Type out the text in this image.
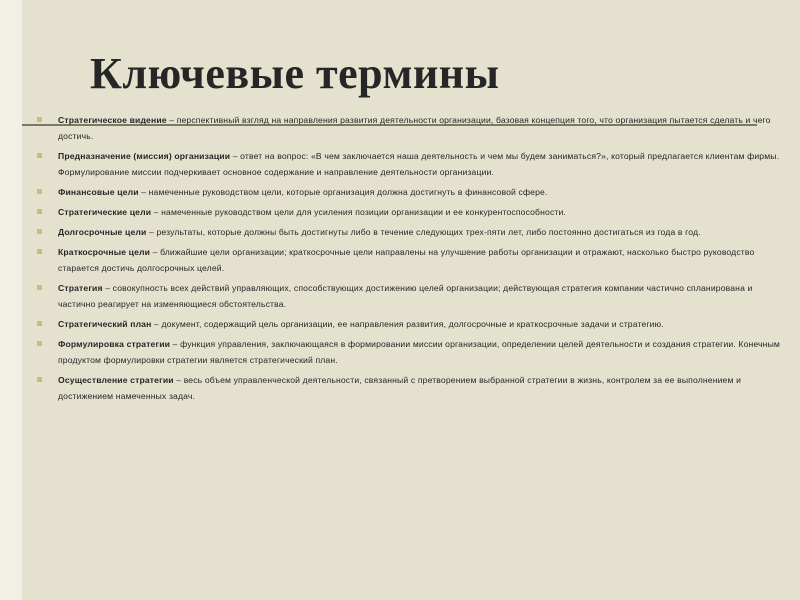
Ключевые термины
Стратегическое видение – перспективный взгляд на направления развития деятельности организации, базовая концепция того, что организация пытается сделать и чего достичь.
Предназначение (миссия) организации – ответ на вопрос: «В чем заключается наша деятельность и чем мы будем заниматься?», который предлагается клиентам фирмы. Формулирование миссии подчеркивает основное содержание и направление деятельности организации.
Финансовые цели – намеченные руководством цели, которые организация должна достигнуть в финансовой сфере.
Стратегические цели – намеченные руководством цели для усиления позиции организации и ее конкурентоспособности.
Долгосрочные цели – результаты, которые должны быть достигнуты либо в течение следующих трех-пяти лет, либо постоянно достигаться из года в год.
Краткосрочные цели – ближайшие цели организации; краткосрочные цели направлены на улучшение работы организации и отражают, насколько быстро руководство старается достичь долгосрочных целей.
Стратегия – совокупность всех действий управляющих, способствующих достижению целей организации; действующая стратегия компании частично спланирована и частично реагирует на изменяющиеся обстоятельства.
Стратегический план – документ, содержащий цель организации, ее направления развития, долгосрочные и краткосрочные задачи и стратегию.
Формулировка стратегии – функция управления, заключающаяся в формировании миссии организации, определении целей деятельности и создания стратегии. Конечным продуктом формулировки стратегии является стратегический план.
Осуществление стратегии – весь объем управленческой деятельности, связанный с претворением выбранной стратегии в жизнь, контролем за ее выполнением и достижением намеченных задач.
